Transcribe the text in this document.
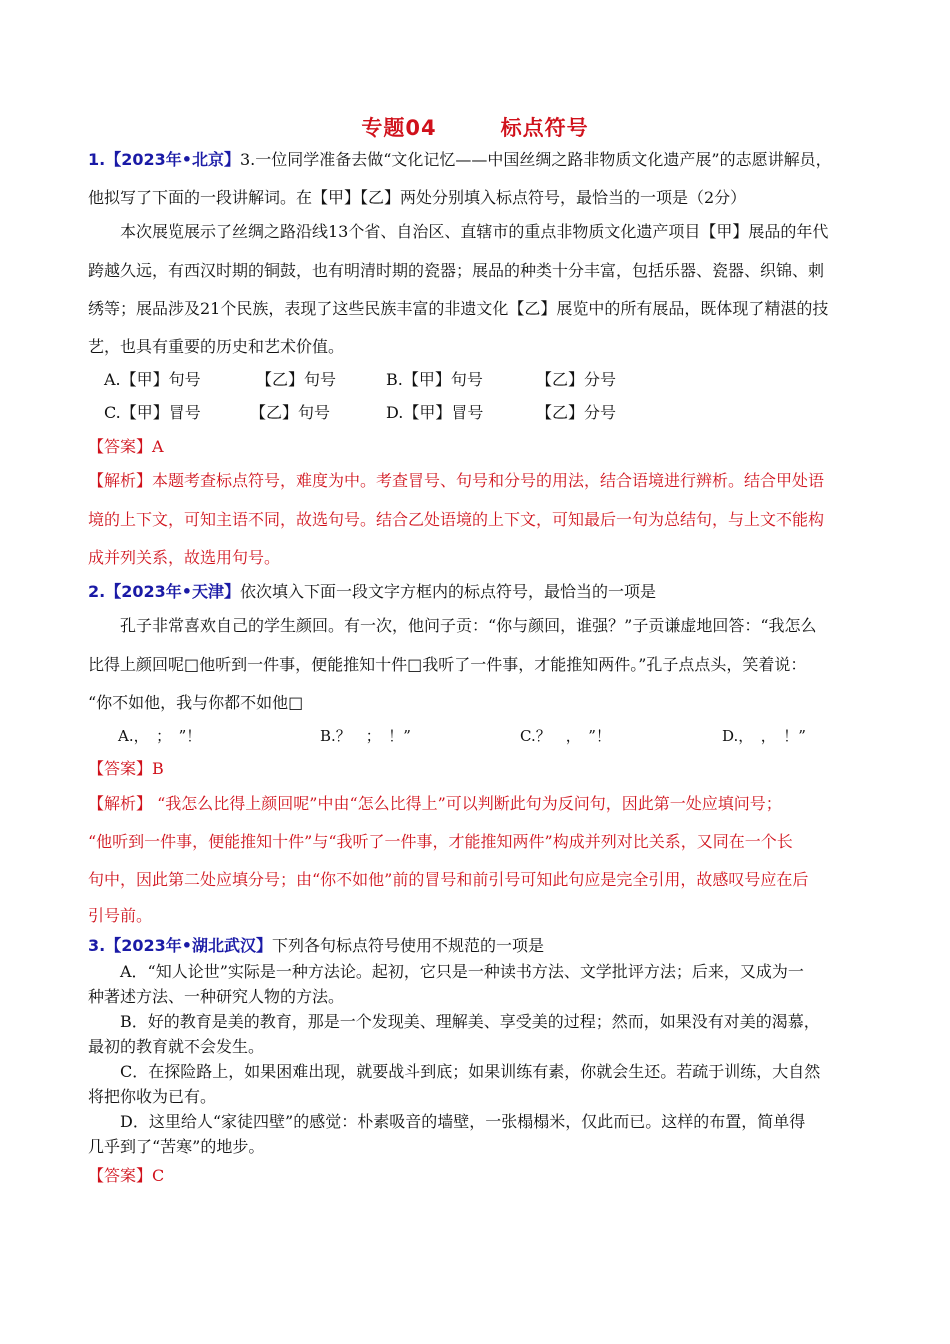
专题04	标点符号
1.【2023年•北京】3.一位同学准备去做“文化记忆——中国丝绸之路非物质文化遗产展”的志愿讲解员，
他拟写了下面的一段讲解词。在【甲】【乙】两处分别填入标点符号，最恰当的一项是（2分）
本次展览展示了丝绸之路沿线13个省、自治区、直辖市的重点非物质文化遗产项目【甲】展品的年代
跨越久远，有西汉时期的铜鼓，也有明清时期的瓷器；展品的种类十分丰富，包括乐器、瓷器、织锦、刺
绣等；展品涉及21个民族，表现了这些民族丰富的非遗文化【乙】展览中的所有展品，既体现了精湛的技
艺，也具有重要的历史和艺术价值。
A.【甲】句号	【乙】句号	B.【甲】句号	【乙】分号
C.【甲】冒号	【乙】句号	D.【甲】冒号	【乙】分号
【答案】A
【解析】本题考查标点符号，难度为中。考查冒号、句号和分号的用法，结合语境进行辨析。结合甲处语
境的上下文，可知主语不同，故选句号。结合乙处语境的上下文，可知最后一句为总结句，与上文不能构
成并列关系，故选用句号。
2.【2023年•天津】依次填入下面一段文字方框内的标点符号，最恰当的一项是
孔子非常喜欢自己的学生颜回。有一次，他问子贡：“你与颜回，谁强？”子贡谦虚地回答：“我怎么
比得上颜回呢□他听到一件事，便能推知十件□我听了一件事，才能推知两件。”孔子点点头，笑着说：
“你不如他，我与你都不如他□
A.，　；　”！	B.？　；　！”	C.？　，　”！	D.，　，　！”
【答案】B
【解析】 “我怎么比得上颜回呢”中由“怎么比得上”可以判断此句为反问句，因此第一处应填问号；
“他听到一件事，便能推知十件”与“我听了一件事，才能推知两件”构成并列对比关系，又同在一个长
句中，因此第二处应填分号；由“你不如他”前的冒号和前引号可知此句应是完全引用，故感叹号应在后
引号前。
3.【2023年•湖北武汉】下列各句标点符号使用不规范的一项是
A．“知人论世”实际是一种方法论。起初，它只是一种读书方法、文学批评方法；后来，又成为一
种著述方法、一种研究人物的方法。
B．好的教育是美的教育，那是一个发现美、理解美、享受美的过程；然而，如果没有对美的渴慕，
最初的教育就不会发生。
C．在探险路上，如果困难出现，就要战斗到底；如果训练有素，你就会生还。若疏于训练，大自然
将把你收为已有。
D．这里给人“家徒四壁”的感觉：朴素吸音的墙壁，一张榻榻米，仅此而已。这样的布置，简单得
几乎到了“苦寒”的地步。
【答案】C
